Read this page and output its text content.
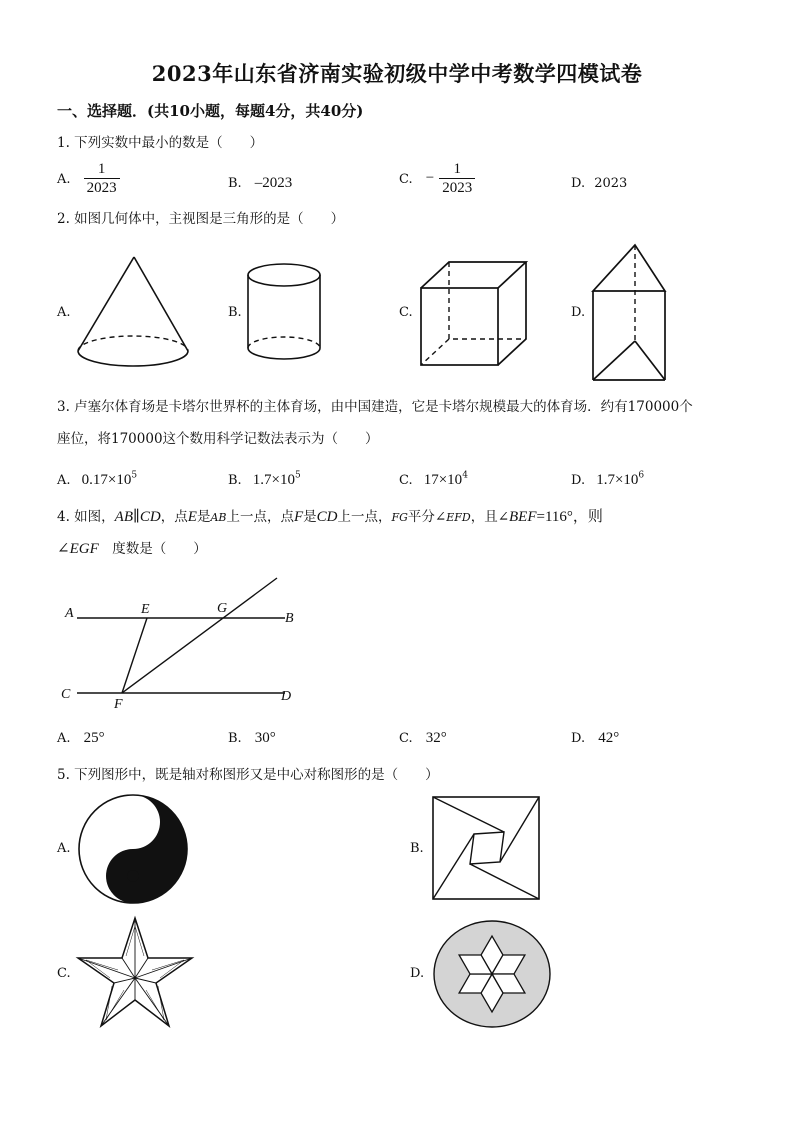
2023年山东省济南实验初级中学中考数学四模试卷
一、选择题．(共10小题，每题4分，共40分)
1. 下列实数中最小的数是（　　）
A. $\frac{1}{2023}$	B. –2023	C. − $\frac{1}{2023}$	D. 2023
2. 如图几何体中，主视图是三角形的是（　　）
A.	B.	C.	D.
3. 卢塞尔体育场是卡塔尔世界杯的主体育场，由中国建造，它是卡塔尔规模最大的体育场．约有170000个
座位，将170000这个数用科学记数法表示为（　　）
A. $0.17\times 10^5$	B. $1.7\times 10^5$	C. $17\times 10^4$	D. $1.7\times 10^6$
4. 如图，AB∥CD，点E是AB上一点，点F是CD上一点，FG平分∠EFD，且∠BEF=116°，则
∠EGF　度数是（　　）
A	E	G
B
C
F
D
A. 25°	B. 30°	C. 32°	D. 42°
5. 下列图形中，既是轴对称图形又是中心对称图形的是（　　）
A.	B.
C.	D.
